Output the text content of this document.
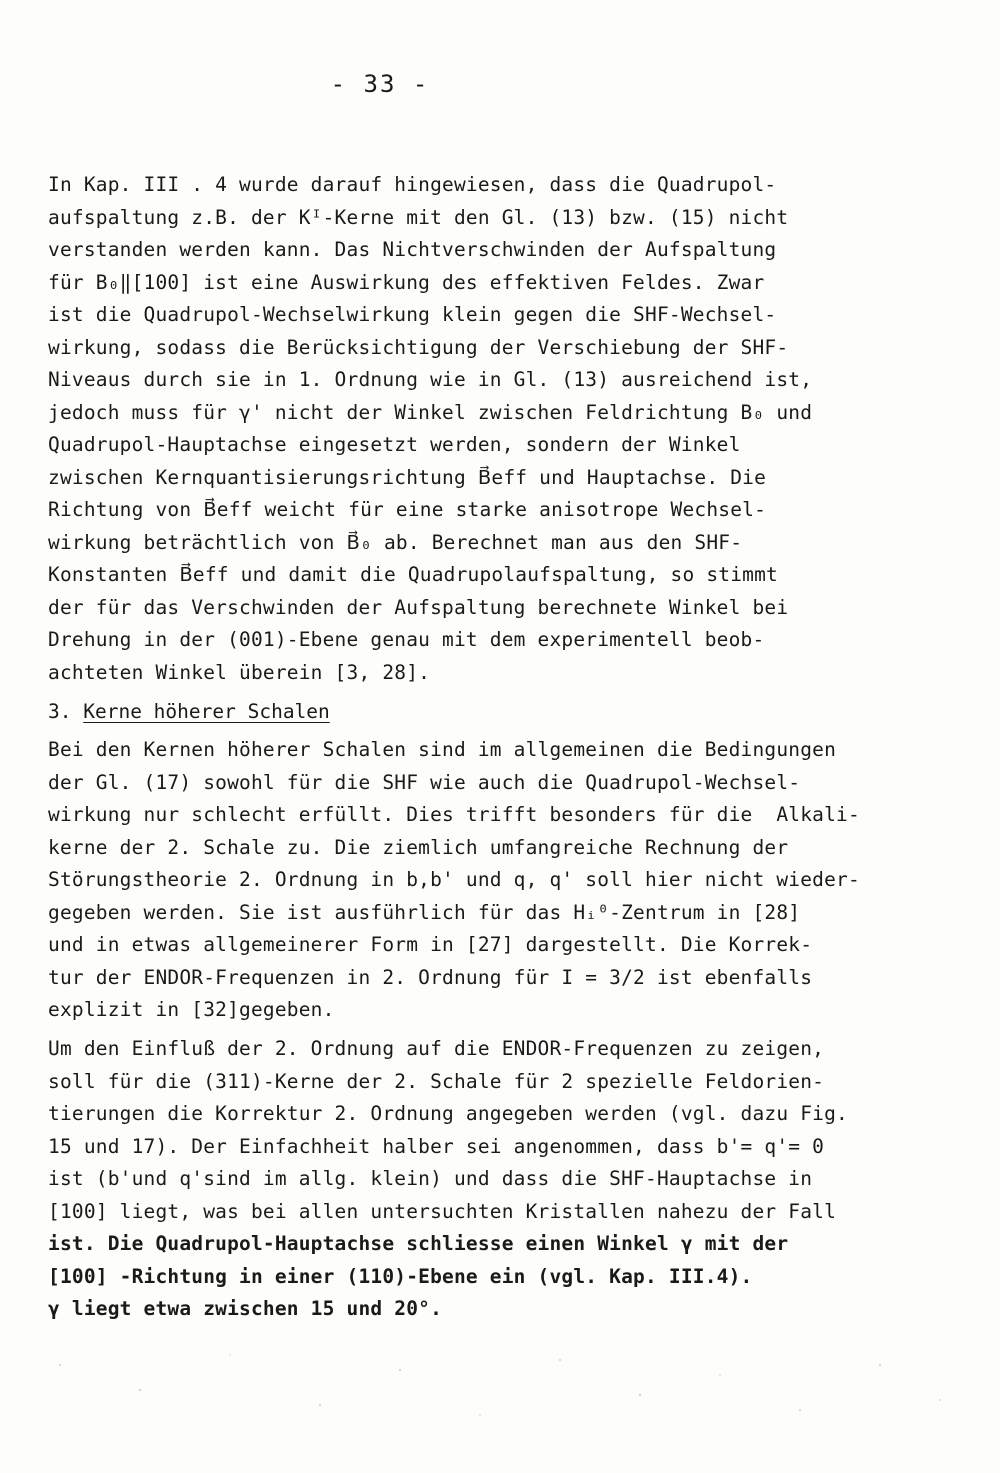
- 33 -
In Kap. III . 4 wurde darauf hingewiesen, dass die Quadrupol-
aufspaltung z.B. der Kᴵ-Kerne mit den Gl. (13) bzw. (15) nicht
verstanden werden kann. Das Nichtverschwinden der Aufspaltung
für B₀‖[100] ist eine Auswirkung des effektiven Feldes. Zwar
ist die Quadrupol-Wechselwirkung klein gegen die SHF-Wechsel-
wirkung, sodass die Berücksichtigung der Verschiebung der SHF-
Niveaus durch sie in 1. Ordnung wie in Gl. (13) ausreichend ist,
jedoch muss für γ' nicht der Winkel zwischen Feldrichtung B₀ und
Quadrupol-Hauptachse eingesetzt werden, sondern der Winkel
zwischen Kernquantisierungsrichtung B⃗eff und Hauptachse. Die
Richtung von B⃗eff weicht für eine starke anisotrope Wechsel-
wirkung beträchtlich von B⃗₀ ab. Berechnet man aus den SHF-
Konstanten B⃗eff und damit die Quadrupolaufspaltung, so stimmt
der für das Verschwinden der Aufspaltung berechnete Winkel bei
Drehung in der (001)-Ebene genau mit dem experimentell beob-
achteten Winkel überein [3, 28].
3. Kerne höherer Schalen
Bei den Kernen höherer Schalen sind im allgemeinen die Bedingungen
der Gl. (17) sowohl für die SHF wie auch die Quadrupol-Wechsel-
wirkung nur schlecht erfüllt. Dies trifft besonders für die  Alkali-
kerne der 2. Schale zu. Die ziemlich umfangreiche Rechnung der
Störungstheorie 2. Ordnung in b,b' und q, q' soll hier nicht wieder-
gegeben werden. Sie ist ausführlich für das Hᵢ⁰-Zentrum in [28]
und in etwas allgemeinerer Form in [27] dargestellt. Die Korrek-
tur der ENDOR-Frequenzen in 2. Ordnung für I = 3/2 ist ebenfalls
explizit in [32]gegeben.
Um den Einfluß der 2. Ordnung auf die ENDOR-Frequenzen zu zeigen,
soll für die (311)-Kerne der 2. Schale für 2 spezielle Feldorien-
tierungen die Korrektur 2. Ordnung angegeben werden (vgl. dazu Fig.
15 und 17). Der Einfachheit halber sei angenommen, dass b'= q'= 0
ist (b'und q'sind im allg. klein) und dass die SHF-Hauptachse in
[100] liegt, was bei allen untersuchten Kristallen nahezu der Fall
ist. Die Quadrupol-Hauptachse schliesse einen Winkel γ mit der
[100] -Richtung in einer (110)-Ebene ein (vgl. Kap. III.4).
γ liegt etwa zwischen 15 und 20°.
